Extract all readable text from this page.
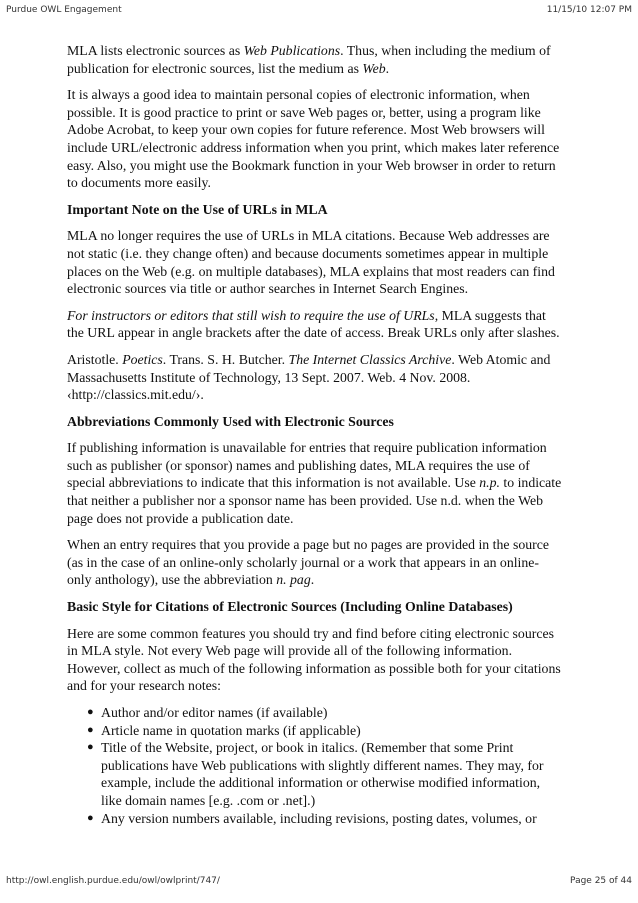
Purdue OWL Engagement	11/15/10 12:07 PM

MLA lists electronic sources as Web Publications. Thus, when including the medium of publication for electronic sources, list the medium as Web.

It is always a good idea to maintain personal copies of electronic information, when possible. It is good practice to print or save Web pages or, better, using a program like Adobe Acrobat, to keep your own copies for future reference. Most Web browsers will include URL/electronic address information when you print, which makes later reference easy. Also, you might use the Bookmark function in your Web browser in order to return to documents more easily.

Important Note on the Use of URLs in MLA

MLA no longer requires the use of URLs in MLA citations. Because Web addresses are not static (i.e. they change often) and because documents sometimes appear in multiple places on the Web (e.g. on multiple databases), MLA explains that most readers can find electronic sources via title or author searches in Internet Search Engines.

For instructors or editors that still wish to require the use of URLs, MLA suggests that the URL appear in angle brackets after the date of access. Break URLs only after slashes.

Aristotle. Poetics. Trans. S. H. Butcher. The Internet Classics Archive. Web Atomic and Massachusetts Institute of Technology, 13 Sept. 2007. Web. 4 Nov. 2008. ‹http://classics.mit.edu/›.

Abbreviations Commonly Used with Electronic Sources

If publishing information is unavailable for entries that require publication information such as publisher (or sponsor) names and publishing dates, MLA requires the use of special abbreviations to indicate that this information is not available. Use n.p. to indicate that neither a publisher nor a sponsor name has been provided. Use n.d. when the Web page does not provide a publication date.

When an entry requires that you provide a page but no pages are provided in the source (as in the case of an online-only scholarly journal or a work that appears in an online-only anthology), use the abbreviation n. pag.

Basic Style for Citations of Electronic Sources (Including Online Databases)

Here are some common features you should try and find before citing electronic sources in MLA style. Not every Web page will provide all of the following information. However, collect as much of the following information as possible both for your citations and for your research notes:

● Author and/or editor names (if available)
● Article name in quotation marks (if applicable)
● Title of the Website, project, or book in italics. (Remember that some Print publications have Web publications with slightly different names. They may, for example, include the additional information or otherwise modified information, like domain names [e.g. .com or .net].)
● Any version numbers available, including revisions, posting dates, volumes, or
http://owl.english.purdue.edu/owl/owlprint/747/	Page 25 of 44
